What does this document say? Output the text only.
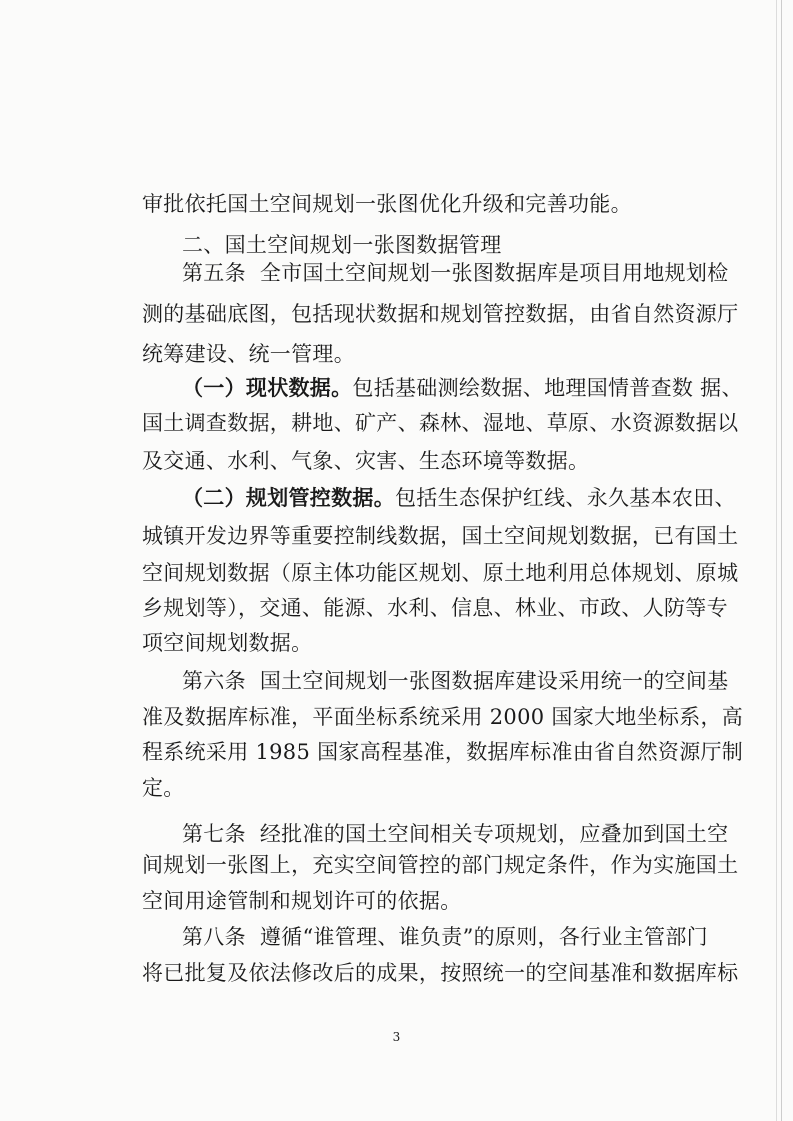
审批依托国土空间规划一张图优化升级和完善功能。
二、国土空间规划一张图数据管理
第五条  全市国土空间规划一张图数据库是项目用地规划检
测的基础底图，包括现状数据和规划管控数据，由省自然资源厅
统筹建设、统一管理。
（一）现状数据。包括基础测绘数据、地理国情普查数 据、
国土调查数据，耕地、矿产、森林、湿地、草原、水资源数据以
及交通、水利、气象、灾害、生态环境等数据。
（二）规划管控数据。包括生态保护红线、永久基本农田、
城镇开发边界等重要控制线数据，国土空间规划数据，已有国土
空间规划数据（原主体功能区规划、原土地利用总体规划、原城
乡规划等），交通、能源、水利、信息、林业、市政、人防等专
项空间规划数据。
第六条  国土空间规划一张图数据库建设采用统一的空间基
准及数据库标准，平面坐标系统采用 2000 国家大地坐标系，高
程系统采用 1985 国家高程基准，数据库标准由省自然资源厅制
定。
第七条  经批准的国土空间相关专项规划，应叠加到国土空
间规划一张图上，充实空间管控的部门规定条件，作为实施国土
空间用途管制和规划许可的依据。
第八条  遵循“谁管理、谁负责”的原则，各行业主管部门
将已批复及依法修改后的成果，按照统一的空间基准和数据库标
3
